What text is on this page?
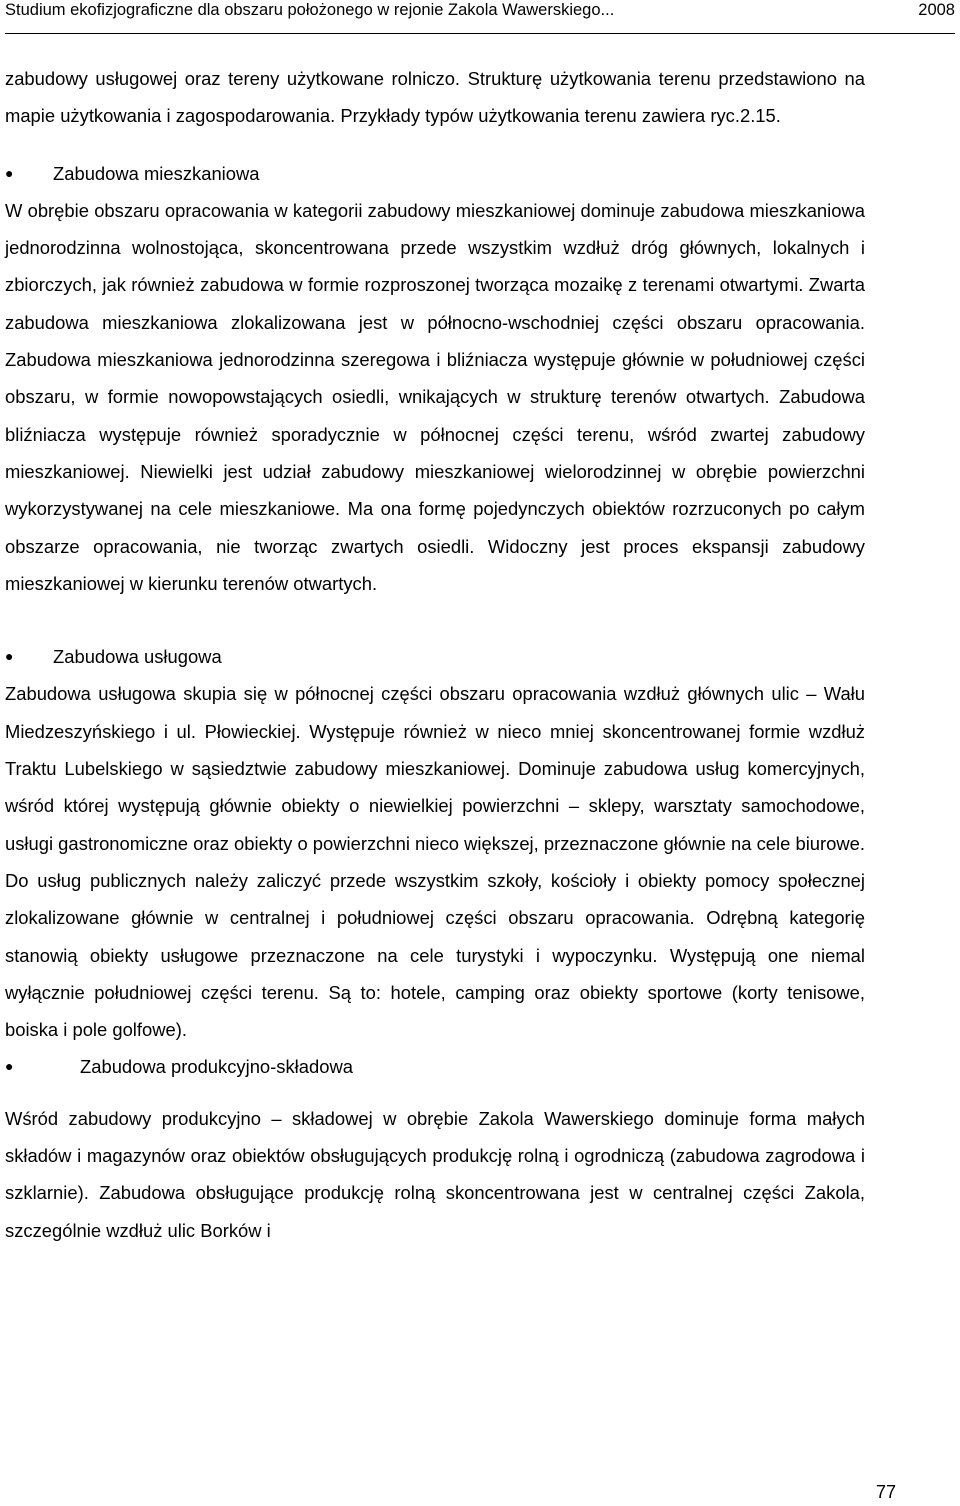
Studium ekofizjograficzne dla obszaru położonego w rejonie Zakola Wawerskiego...	2008

zabudowy usługowej oraz tereny użytkowane rolniczo. Strukturę użytkowania terenu przedstawiono na mapie użytkowania i zagospodarowania. Przykłady typów użytkowania terenu zawiera ryc.2.15.

●	Zabudowa mieszkaniowa

W obrębie obszaru opracowania w kategorii zabudowy mieszkaniowej dominuje zabudowa mieszkaniowa jednorodzinna wolnostojąca, skoncentrowana przede wszystkim wzdłuż dróg głównych, lokalnych i zbiorczych, jak również zabudowa w formie rozproszonej tworząca mozaikę z terenami otwartymi. Zwarta zabudowa mieszkaniowa zlokalizowana jest w północno-wschodniej części obszaru opracowania. Zabudowa mieszkaniowa jednorodzinna szeregowa i bliźniacza występuje głównie w południowej części obszaru, w formie nowopowstających osiedli, wnikających w strukturę terenów otwartych. Zabudowa bliźniacza występuje również sporadycznie w północnej części terenu, wśród zwartej zabudowy mieszkaniowej. Niewielki jest udział zabudowy mieszkaniowej wielorodzinnej w obrębie powierzchni wykorzystywanej na cele mieszkaniowe. Ma ona formę pojedynczych obiektów rozrzuconych po całym obszarze opracowania, nie tworząc zwartych osiedli. Widoczny jest proces ekspansji zabudowy mieszkaniowej w kierunku terenów otwartych.

●	Zabudowa usługowa

Zabudowa usługowa skupia się w północnej części obszaru opracowania wzdłuż głównych ulic – Wału Miedzeszyńskiego i ul. Płowieckiej. Występuje również w nieco mniej skoncentrowanej formie wzdłuż Traktu Lubelskiego w sąsiedztwie zabudowy mieszkaniowej. Dominuje zabudowa usług komercyjnych, wśród której występują głównie obiekty o niewielkiej powierzchni – sklepy, warsztaty samochodowe, usługi gastronomiczne oraz obiekty o powierzchni nieco większej, przeznaczone głównie na cele biurowe. Do usług publicznych należy zaliczyć przede wszystkim szkoły, kościoły i obiekty pomocy społecznej zlokalizowane głównie w centralnej i południowej części obszaru opracowania. Odrębną kategorię stanowią obiekty usługowe przeznaczone na cele turystyki i wypoczynku. Występują one niemal wyłącznie południowej części terenu. Są to: hotele, camping oraz obiekty sportowe (korty tenisowe, boiska i pole golfowe).

●	Zabudowa produkcyjno-składowa

Wśród zabudowy produkcyjno – składowej w obrębie Zakola Wawerskiego dominuje forma małych składów i magazynów oraz obiektów obsługujących produkcję rolną i ogrodniczą (zabudowa zagrodowa i szklarnie). Zabudowa obsługujące produkcję rolną skoncentrowana jest w centralnej części Zakola, szczególnie wzdłuż ulic Borków i

77
